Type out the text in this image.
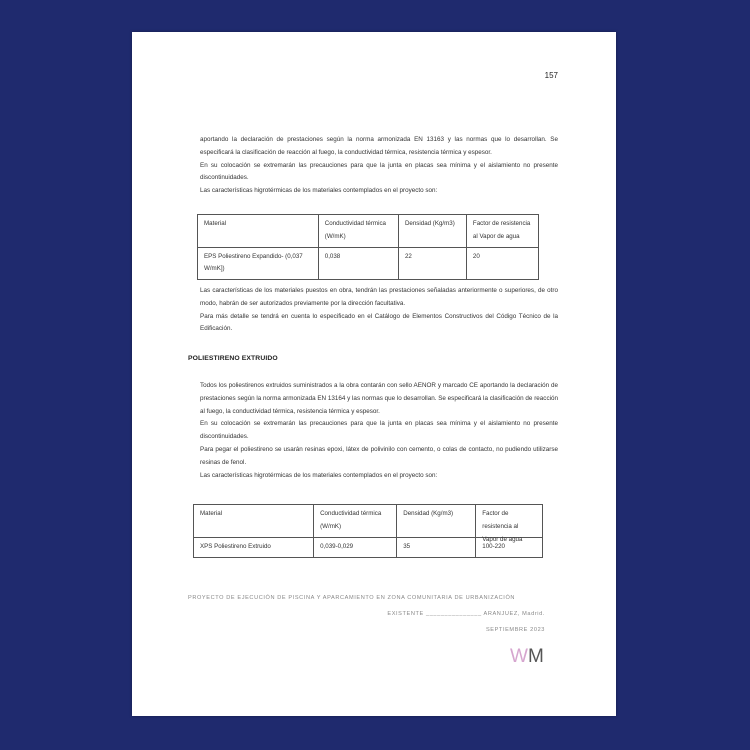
157

aportando la declaración de prestaciones según la norma armonizada EN 13163 y las normas que lo desarrollan. Se especificará la clasificación de reacción al fuego, la conductividad térmica, resistencia térmica y espesor.

En su colocación se extremarán las precauciones para que la junta en placas sea mínima y el aislamiento no presente discontinuidades.

Las características higrotérmicas de los materiales contemplados en el proyecto son:

Material	Conductividad térmica (W/mK)	Densidad (Kg/m3)	Factor de resistencia al Vapor de agua
EPS Poliestireno Expandido- (0,037 W/mK])	0,038	22	20

Las características de los materiales puestos en obra, tendrán las prestaciones señaladas anteriormente o superiores, de otro modo, habrán de ser autorizados previamente por la dirección facultativa.

Para más detalle se tendrá en cuenta lo especificado en el Catálogo de Elementos Constructivos del Código Técnico de la Edificación.

POLIESTIRENO EXTRUIDO

Todos los poliestirenos extruidos suministrados a la obra contarán con sello AENOR y marcado CE aportando la declaración de prestaciones según la norma armonizada EN 13164 y las normas que lo desarrollan. Se especificará la clasificación de reacción al fuego, la conductividad térmica, resistencia térmica y espesor.

En su colocación se extremarán las precauciones para que la junta en placas sea mínima y el aislamiento no presente discontinuidades.

Para pegar el poliestireno se usarán resinas epoxi, látex de polivinilo con cemento, o colas de contacto, no pudiendo utilizarse resinas de fenol.

Las características higrotérmicas de los materiales contemplados en el proyecto son:

Material	Conductividad térmica (W/mK)	Densidad (Kg/m3)	Factor de resistencia al Vapor de agua

XPS Poliestireno Extruido	0,039-0,029	35	100-220
PROYECTO DE EJECUCIÓN DE PISCINA Y APARCAMIENTO EN ZONA COMUNITARIA DE URBANIZACIÓN
EXISTENTE _______________ ARANJUEZ, Madrid.
SEPTIEMBRE 2023
WM
